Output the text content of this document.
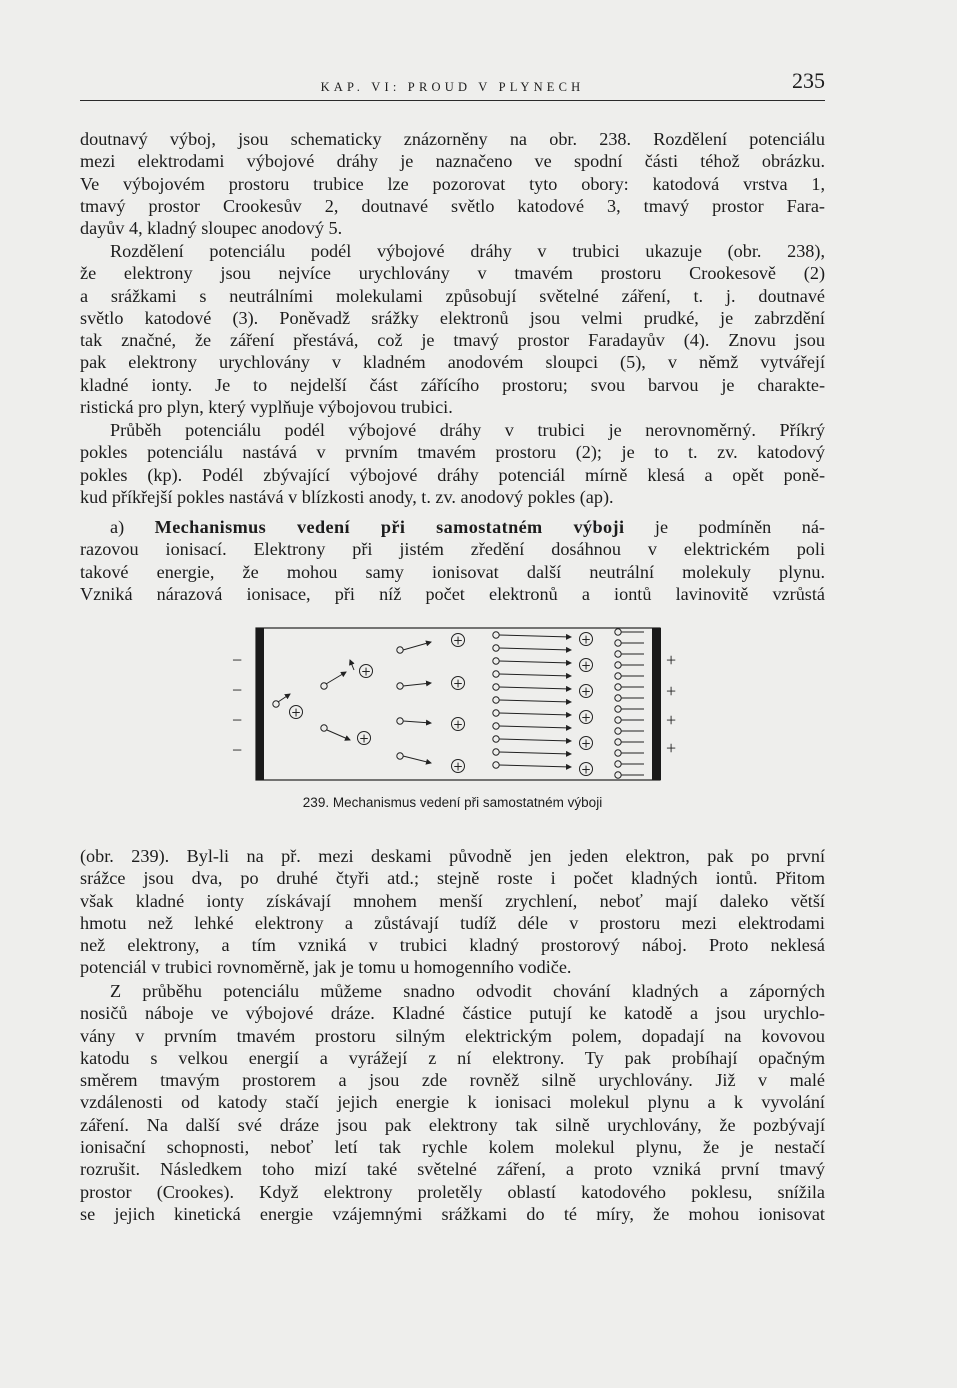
KAP. VI: PROUD V PLYNECH	235
doutnavý výboj, jsou schematicky znázorněny na obr. 238. Rozdělení potenciálu
mezi elektrodami výbojové dráhy je naznačeno ve spodní části téhož obrázku.
Ve výbojovém prostoru trubice lze pozorovat tyto obory: katodová vrstva 1,
tmavý prostor Crookesův 2, doutnavé světlo katodové 3, tmavý prostor Fara-
dayův 4, kladný sloupec anodový 5.
Rozdělení potenciálu podél výbojové dráhy v trubici ukazuje (obr. 238),
že elektrony jsou nejvíce urychlovány v tmavém prostoru Crookesově (2)
a srážkami s neutrálními molekulami způsobují světelné záření, t. j. doutnavé
světlo katodové (3). Poněvadž srážky elektronů jsou velmi prudké, je zabrzdění
tak značné, že záření přestává, což je tmavý prostor Faradayův (4). Znovu jsou
pak elektrony urychlovány v kladném anodovém sloupci (5), v němž vytvářejí
kladné ionty. Je to nejdelší část zářícího prostoru; svou barvou je charakte-
ristická pro plyn, který vyplňuje výbojovou trubici.
Průběh potenciálu podél výbojové dráhy v trubici je nerovnoměrný. Příkrý
pokles potenciálu nastává v prvním tmavém prostoru (2); je to t. zv. katodový
pokles (kp). Podél zbývající výbojové dráhy potenciál mírně klesá a opět poně-
kud příkřejší pokles nastává v blízkosti anody, t. zv. anodový pokles (ap).
a) Mechanismus vedení při samostatném výboji je podmíněn ná-
razovou ionisací. Elektrony při jistém zředění dosáhnou v elektrickém poli
takové energie, že mohou samy ionisovat další neutrální molekuly plynu.
Vzniká nárazová ionisace, při níž počet elektronů a iontů lavinovitě vzrůstá
−
−
−
−
+
+
+
+
+
+
+
+
+
+
+
+
+
+
+
+
+
239. Mechanismus vedení při samostatném výboji
(obr. 239). Byl-li na př. mezi deskami původně jen jeden elektron, pak po první
srážce jsou dva, po druhé čtyři atd.; stejně roste i počet kladných iontů. Přitom
však kladné ionty získávají mnohem menší zrychlení, neboť mají daleko větší
hmotu než lehké elektrony a zůstávají tudíž déle v prostoru mezi elektrodami
než elektrony, a tím vzniká v trubici kladný prostorový náboj. Proto neklesá
potenciál v trubici rovnoměrně, jak je tomu u homogenního vodiče.
Z průběhu potenciálu můžeme snadno odvodit chování kladných a záporných
nosičů náboje ve výbojové dráze. Kladné částice putují ke katodě a jsou urychlo-
vány v prvním tmavém prostoru silným elektrickým polem, dopadají na kovovou
katodu s velkou energií a vyrážejí z ní elektrony. Ty pak probíhají opačným
směrem tmavým prostorem a jsou zde rovněž silně urychlovány. Již v malé
vzdálenosti od katody stačí jejich energie k ionisaci molekul plynu a k vyvolání
záření. Na další své dráze jsou pak elektrony tak silně urychlovány, že pozbývají
ionisační schopnosti, neboť letí tak rychle kolem molekul plynu, že je nestačí
rozrušit. Následkem toho mizí také světelné záření, a proto vzniká první tmavý
prostor (Crookes). Když elektrony proletěly oblastí katodového poklesu, snížila
se jejich kinetická energie vzájemnými srážkami do té míry, že mohou ionisovat
